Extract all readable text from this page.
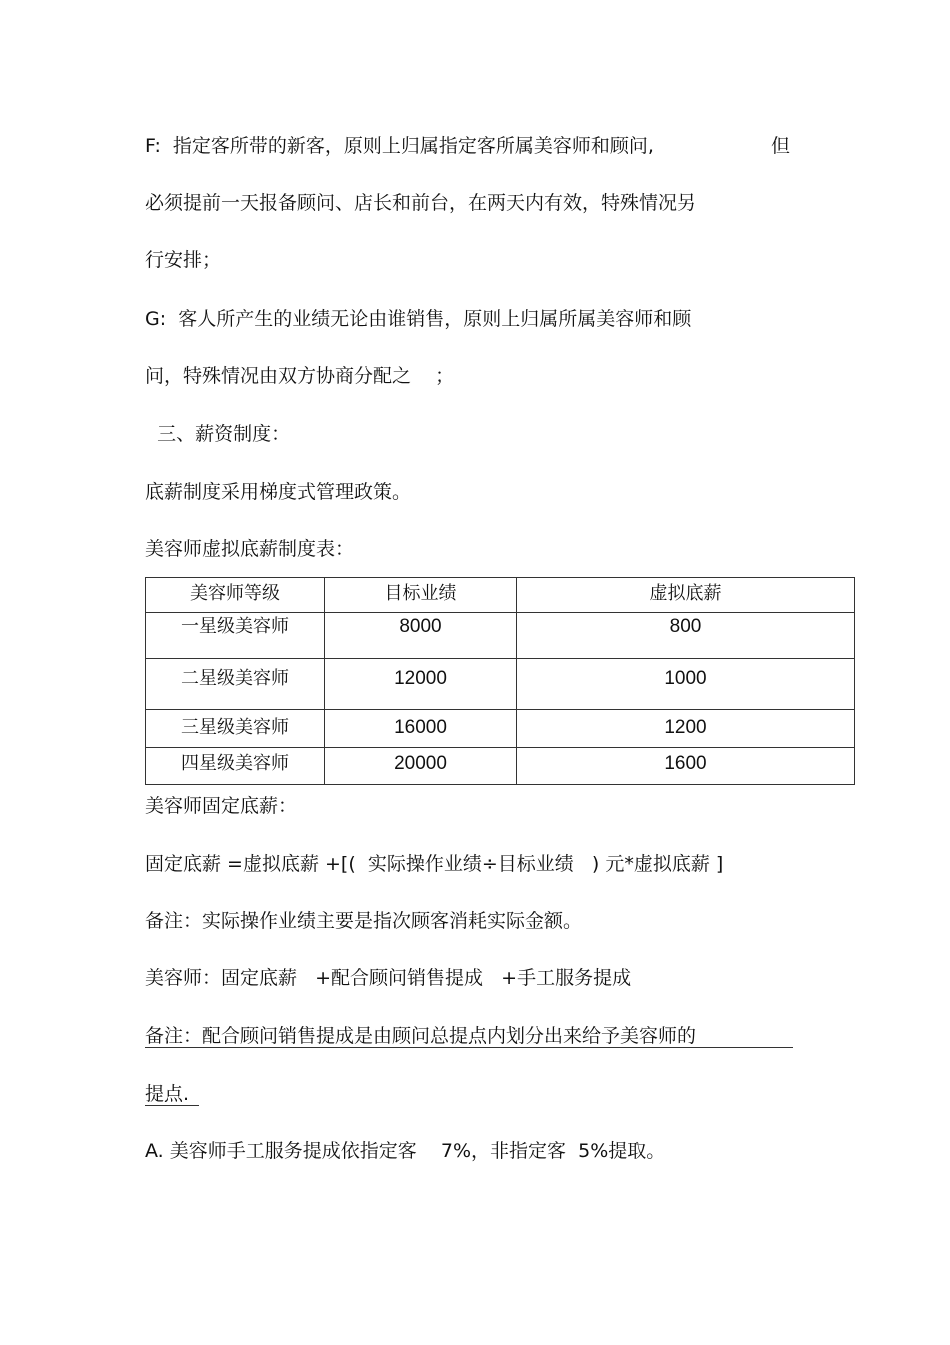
F:  指定客所带的新客，原则上归属指定客所属美容师和顾问,	但
必须提前一天报备顾问、店长和前台，在两天内有效，特殊情况另
行安排；
G:  客人所产生的业绩无论由谁销售，原则上归属所属美容师和顾
问，特殊情况由双方协商分配之    ；
三、薪资制度：
底薪制度采用梯度式管理政策。
美容师虚拟底薪制度表：
美容师等级	目标业绩	虚拟底薪
一星级美容师	8000	800
二星级美容师	12000	1000
三星级美容师	16000	1200
四星级美容师	20000	1600
美容师固定底薪：
固定底薪 =虚拟底薪 +[(  实际操作业绩÷目标业绩   ) 元*虚拟底薪 ]
备注：实际操作业绩主要是指次顾客消耗实际金额。
美容师：固定底薪   +配合顾问销售提成   +手工服务提成
备注：配合顾问销售提成是由顾问总提点内划分出来给予美容师的
提点.
A. 美容师手工服务提成依指定客    7%，非指定客  5%提取。
